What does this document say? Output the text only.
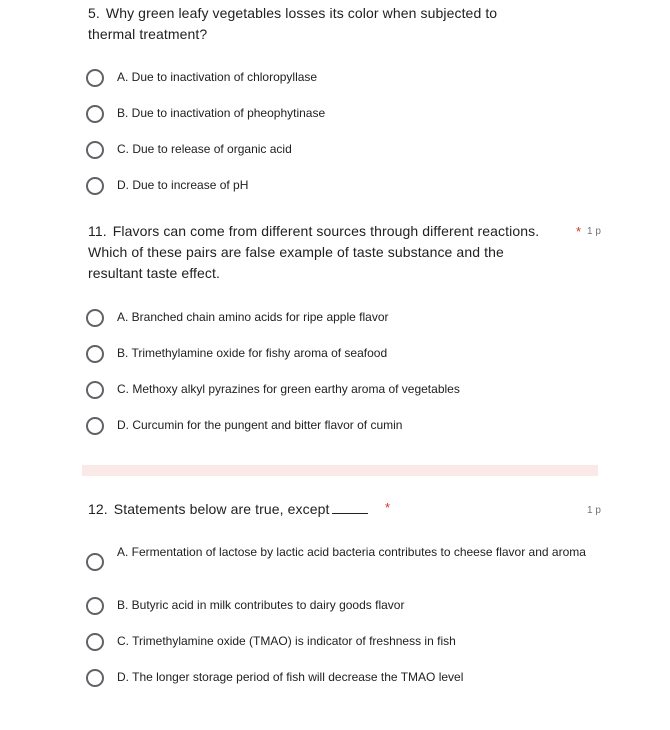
5. Why green leafy vegetables losses its color when subjected to
thermal treatment?
A. Due to inactivation of chloropyllase
B. Due to inactivation of pheophytinase
C. Due to release of organic acid
D. Due to increase of pH
11. Flavors can come from different sources through different reactions.
Which of these pairs are false example of taste substance and the
resultant taste effect.
* 1 p
A. Branched chain amino acids for ripe apple flavor
B. Trimethylamine oxide for fishy aroma of seafood
C. Methoxy alkyl pyrazines for green earthy aroma of vegetables
D. Curcumin for the pungent and bitter flavor of cumin
12. Statements below are true, except	*	1 p
A. Fermentation of lactose by lactic acid bacteria contributes to cheese flavor and aroma
B. Butyric acid in milk contributes to dairy goods flavor
C. Trimethylamine oxide (TMAO) is indicator of freshness in fish
D. The longer storage period of fish will decrease the TMAO level
